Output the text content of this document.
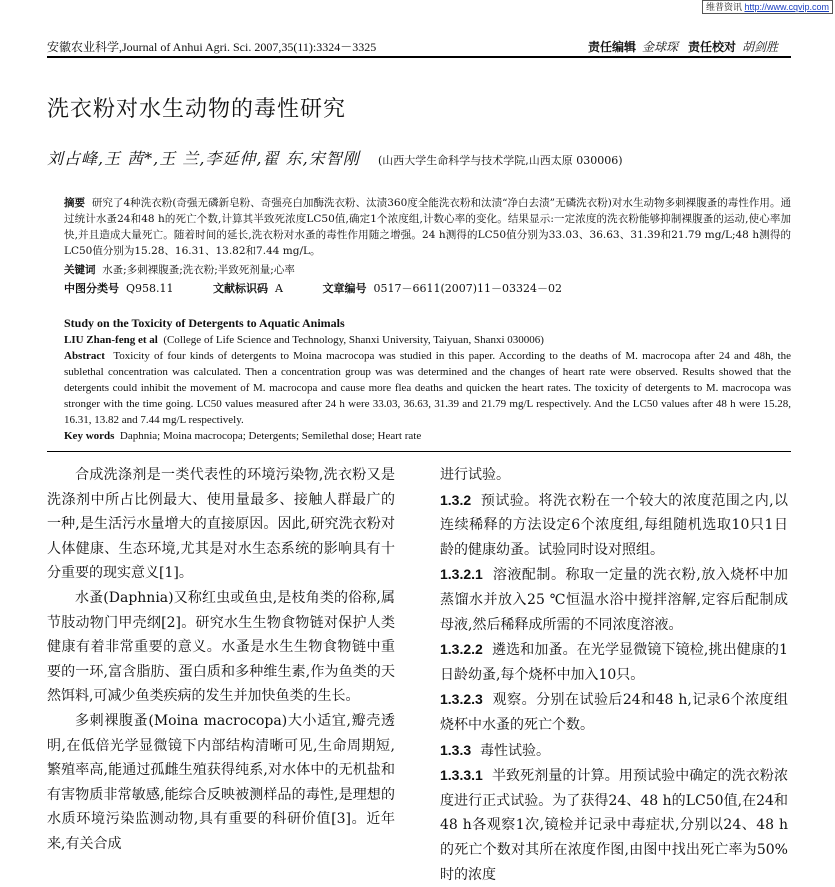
维普资讯 http://www.cqvip.com
安徽农业科学,Journal of Anhui Agri. Sci. 2007,35(11):3324－3325	责任编辑 金球琛 责任校对 胡剑胜
洗衣粉对水生动物的毒性研究
刘占峰,王 茜*,王 兰,李延伸,翟 东,宋智刚 (山西大学生命科学与技术学院,山西太原 030006)
摘要 研究了4种洗衣粉(奇强无磷新皂粉、奇强亮白加酶洗衣粉、汰渍360度全能洗衣粉和汰渍“净白去渍”无磷洗衣粉)对水生动物多刺裸腹蚤的毒性作用。通过统计水蚤24和48 h的死亡个数,计算其半致死浓度LC50值,确定1个浓度组,计数心率的变化。结果显示:一定浓度的洗衣粉能够抑制裸腹蚤的运动,使心率加快,并且造成大量死亡。随着时间的延长,洗衣粉对水蚤的毒性作用随之增强。24 h测得的LC50值分别为33.03、36.63、31.39和21.79 mg/L;48 h测得的LC50值分别为15.28、16.31、13.82和7.44 mg/L。
关键词 水蚤;多刺裸腹蚤;洗衣粉;半致死剂量;心率
中图分类号 Q958.11	文献标识码 A	文章编号 0517－6611(2007)11－03324－02
Study on the Toxicity of Detergents to Aquatic Animals
LIU Zhan-feng et al (College of Life Science and Technology, Shanxi University, Taiyuan, Shanxi 030006)
Abstract Toxicity of four kinds of detergents to Moina macrocopa was studied in this paper. According to the deaths of M. macrocopa after 24 and 48h, the sublethal concentration was calculated. Then a concentration group was was determined and the changes of heart rate were observed. Results showed that the detergents could inhibit the movement of M. macrocopa and cause more flea deaths and quicken the heart rates. The toxicity of detergents to M. macrocopa was stronger with the time going. LC50 values measured after 24 h were 33.03, 36.63, 31.39 and 21.79 mg/L respectively. And the LC50 values after 48 h were 15.28, 16.31, 13.82 and 7.44 mg/L respectively.
Key words Daphnia; Moina macrocopa; Detergents; Semilethal dose; Heart rate

合成洗涤剂是一类代表性的环境污染物,洗衣粉又是洗涤剂中所占比例最大、使用量最多、接触人群最广的一种,是生活污水量增大的直接原因。因此,研究洗衣粉对人体健康、生态环境,尤其是对水生态系统的影响具有十分重要的现实意义[1]。

水蚤(Daphnia)又称红虫或鱼虫,是枝角类的俗称,属节肢动物门甲壳纲[2]。研究水生生物食物链对保护人类健康有着非常重要的意义。水蚤是水生生物食物链中重要的一环,富含脂肪、蛋白质和多种维生素,作为鱼类的天然饵料,可减少鱼类疾病的发生并加快鱼类的生长。

多刺裸腹蚤(Moina macrocopa)大小适宜,瓣壳透明,在低倍光学显微镜下内部结构清晰可见,生命周期短,繁殖率高,能通过孤雌生殖获得纯系,对水体中的无机盐和有害物质非常敏感,能综合反映被测样品的毒性,是理想的水质环境污染监测动物,具有重要的科研价值[3]。近年来,有关合成

进行试验。

1.3.2 预试验。将洗衣粉在一个较大的浓度范围之内,以连续稀释的方法设定6个浓度组,每组随机选取10只1日龄的健康幼蚤。试验同时设对照组。

1.3.2.1 溶液配制。称取一定量的洗衣粉,放入烧杯中加蒸馏水并放入25 ℃恒温水浴中搅拌溶解,定容后配制成母液,然后稀释成所需的不同浓度溶液。

1.3.2.2 遴选和加蚤。在光学显微镜下镜检,挑出健康的1日龄幼蚤,每个烧杯中加入10只。

1.3.2.3 观察。分别在试验后24和48 h,记录6个浓度组烧杯中水蚤的死亡个数。

1.3.3 毒性试验。

1.3.3.1 半致死剂量的计算。用预试验中确定的洗衣粉浓度进行正式试验。为了获得24、48 h的LC50值,在24和48 h各观察1次,镜检并记录中毒症状,分别以24、48 h的死亡个数对其所在浓度作图,由图中找出死亡率为50%时的浓度
